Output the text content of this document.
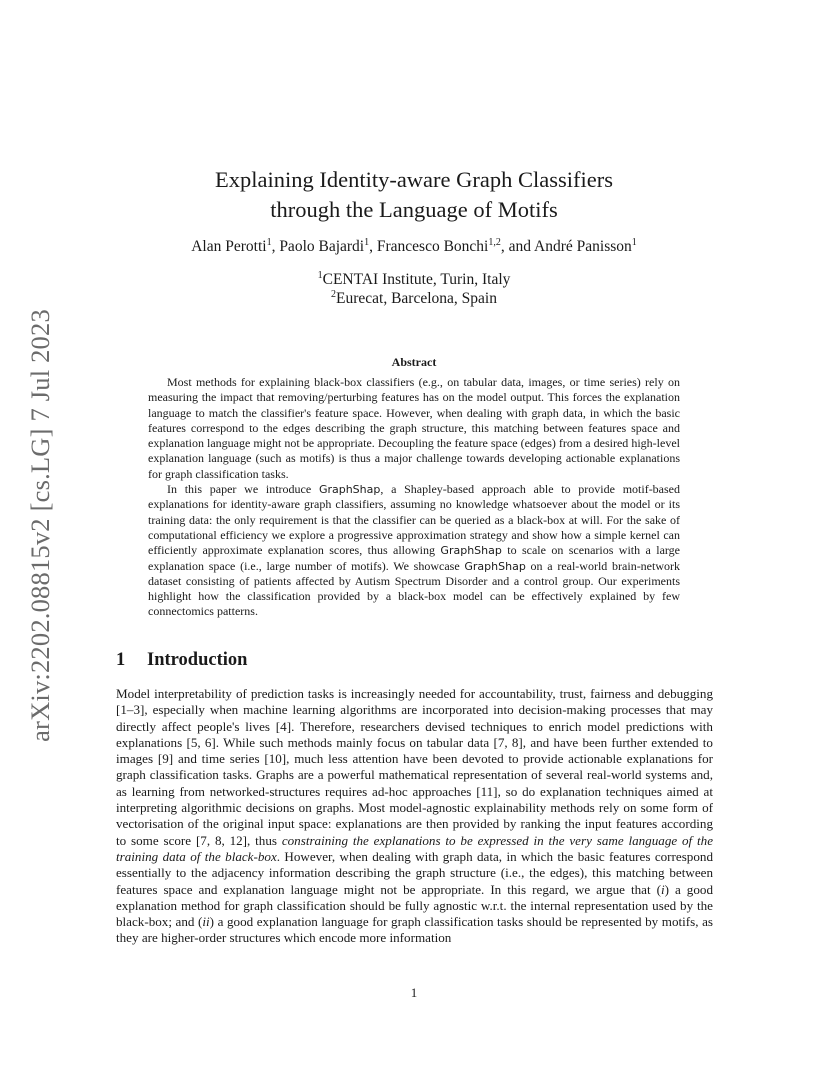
arXiv:2202.08815v2 [cs.LG] 7 Jul 2023
Explaining Identity-aware Graph Classifiers
through the Language of Motifs
Alan Perotti$^1$, Paolo Bajardi$^1$, Francesco Bonchi$^{1,2}$, and André Panisson$^1$
$^1$CENTAI Institute, Turin, Italy
$^2$Eurecat, Barcelona, Spain
Abstract

Most methods for explaining black-box classifiers (e.g., on tabular data, images, or time series) rely on measuring the impact that removing/perturbing features has on the model output. This forces the explanation language to match the classifier's feature space. However, when dealing with graph data, in which the basic features correspond to the edges describing the graph structure, this matching between features space and explanation language might not be appropriate. Decoupling the feature space (edges) from a desired high-level explanation language (such as motifs) is thus a major challenge towards developing actionable explanations for graph classification tasks.

In this paper we introduce GraphShap, a Shapley-based approach able to provide motif-based explanations for identity-aware graph classifiers, assuming no knowledge whatsoever about the model or its training data: the only requirement is that the classifier can be queried as a black-box at will. For the sake of computational efficiency we explore a progressive approximation strategy and show how a simple kernel can efficiently approximate explanation scores, thus allowing GraphShap to scale on scenarios with a large explanation space (i.e., large number of motifs). We showcase GraphShap on a real-world brain-network dataset consisting of patients affected by Autism Spectrum Disorder and a control group. Our experiments highlight how the classification provided by a black-box model can be effectively explained by few connectomics patterns.

1 Introduction

Model interpretability of prediction tasks is increasingly needed for accountability, trust, fairness and debugging [1–3], especially when machine learning algorithms are incorporated into decision-making processes that may directly affect people's lives [4]. Therefore, researchers devised techniques to enrich model predictions with explanations [5, 6]. While such methods mainly focus on tabular data [7, 8], and have been further extended to images [9] and time series [10], much less attention have been devoted to provide actionable explanations for graph classification tasks. Graphs are a powerful mathematical representation of several real-world systems and, as learning from networked-structures requires ad-hoc approaches [11], so do explanation techniques aimed at interpreting algorithmic decisions on graphs. Most model-agnostic explainability methods rely on some form of vectorisation of the original input space: explanations are then provided by ranking the input features according to some score [7, 8, 12], thus constraining the explanations to be expressed in the very same language of the training data of the black-box. However, when dealing with graph data, in which the basic features correspond essentially to the adjacency information describing the graph structure (i.e., the edges), this matching between features space and explanation language might not be appropriate. In this regard, we argue that (i) a good explanation method for graph classification should be fully agnostic w.r.t. the internal representation used by the black-box; and (ii) a good explanation language for graph classification tasks should be represented by motifs, as they are higher-order structures which encode more information

1
